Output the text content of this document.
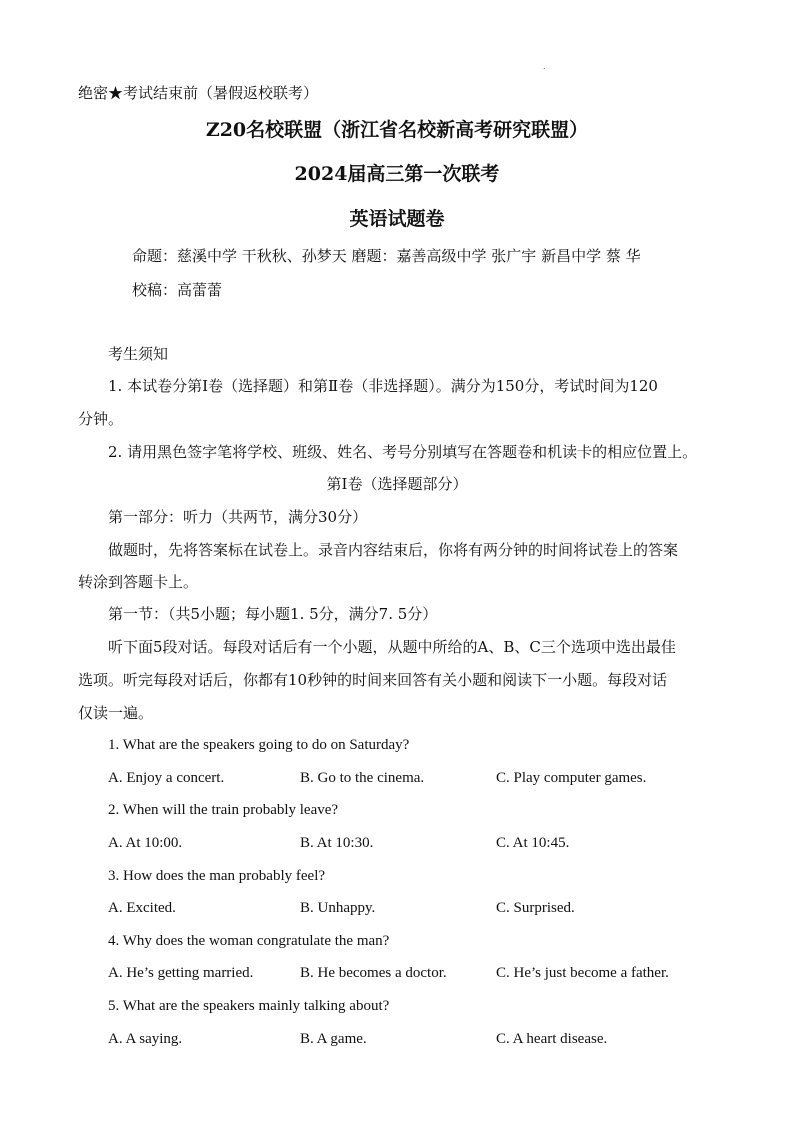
.
绝密★考试结束前（暑假返校联考）
Z20名校联盟（浙江省名校新高考研究联盟）
2024届高三第一次联考
英语试题卷
命题：慈溪中学 干秋秋、孙梦天 磨题：嘉善高级中学 张广宇 新昌中学 蔡 华
校稿：高蕾蕾
考生须知
1. 本试卷分第Ⅰ卷（选择题）和第Ⅱ卷（非选择题）。满分为150分，考试时间为120
分钟。
2. 请用黑色签字笔将学校、班级、姓名、考号分别填写在答题卷和机读卡的相应位置上。
第Ⅰ卷（选择题部分）
第一部分：听力（共两节，满分30分）
做题时，先将答案标在试卷上。录音内容结束后，你将有两分钟的时间将试卷上的答案
转涂到答题卡上。
第一节：（共5小题；每小题1. 5分，满分7. 5分）
听下面5段对话。每段对话后有一个小题，从题中所给的A、B、C三个选项中选出最佳
选项。听完每段对话后，你都有10秒钟的时间来回答有关小题和阅读下一小题。每段对话
仅读一遍。
1. What are the speakers going to do on Saturday?
A. Enjoy a concert.	B. Go to the cinema.	C. Play computer games.
2. When will the train probably leave?
A. At 10:00.	B. At 10:30.	C. At 10:45.
3. How does the man probably feel?
A. Excited.	B. Unhappy.	C. Surprised.
4. Why does the woman congratulate the man?
A. He’s getting married.	B. He becomes a doctor.	C. He’s just become a father.
5. What are the speakers mainly talking about?
A. A saying.	B. A game.	C. A heart disease.
